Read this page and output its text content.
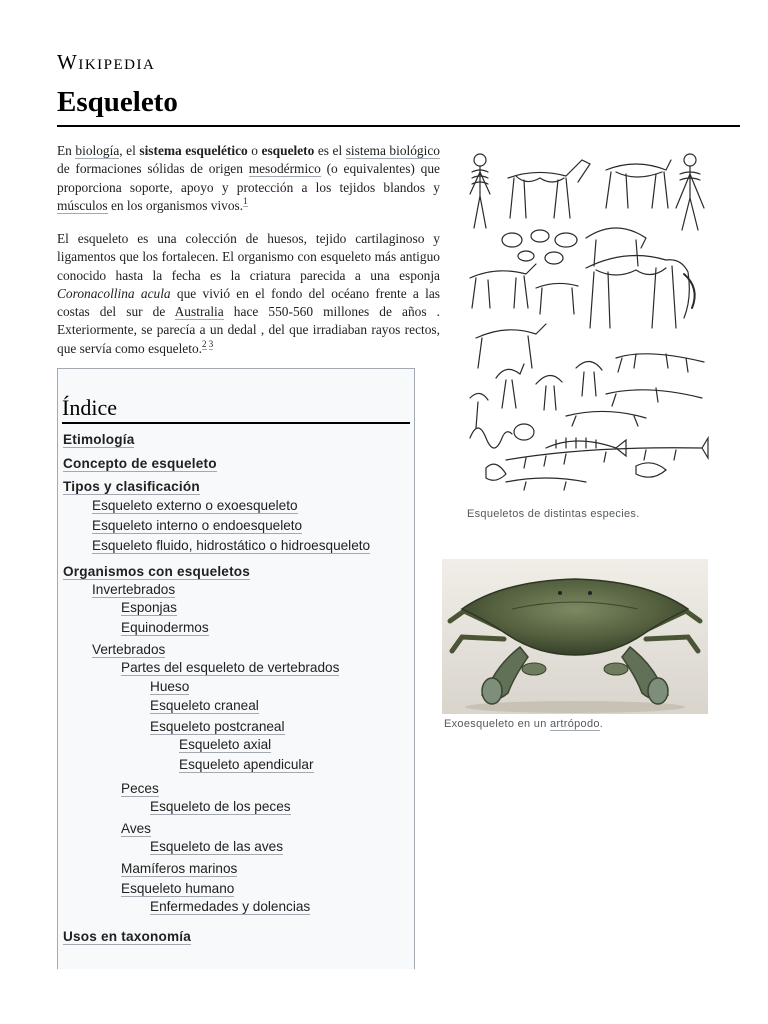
Wikipedia
Esqueleto
En biología, el sistema esquelético o esqueleto es el sistema biológico de formaciones sólidas de origen mesodérmico (o equivalentes) que proporciona soporte, apoyo y protección a los tejidos blandos y músculos en los organismos vivos.$^1$
El esqueleto es una colección de huesos, tejido cartilaginoso y ligamentos que los fortalecen. El organismo con esqueleto más antiguo conocido hasta la fecha es la criatura parecida a una esponja Coronacollina acula que vivió en el fondo del océano frente a las costas del sur de Australia hace 550-560 millones de años . Exteriormente, se parecía a un dedal , del que irradiaban rayos rectos, que servía como esqueleto.$^{2 3}$
Esqueletos de distintas especies.
Exoesqueleto en un artrópodo.
Índice
Etimología
Concepto de esqueleto
Tipos y clasificación
Esqueleto externo o exoesqueleto
Esqueleto interno o endoesqueleto
Esqueleto fluido, hidrostático o hidroesqueleto
Organismos con esqueletos
Invertebrados
Esponjas
Equinodermos
Vertebrados
Partes del esqueleto de vertebrados
Hueso
Esqueleto craneal
Esqueleto postcraneal
Esqueleto axial
Esqueleto apendicular
Peces
Esqueleto de los peces
Aves
Esqueleto de las aves
Mamíferos marinos
Esqueleto humano
Enfermedades y dolencias
Usos en taxonomía
